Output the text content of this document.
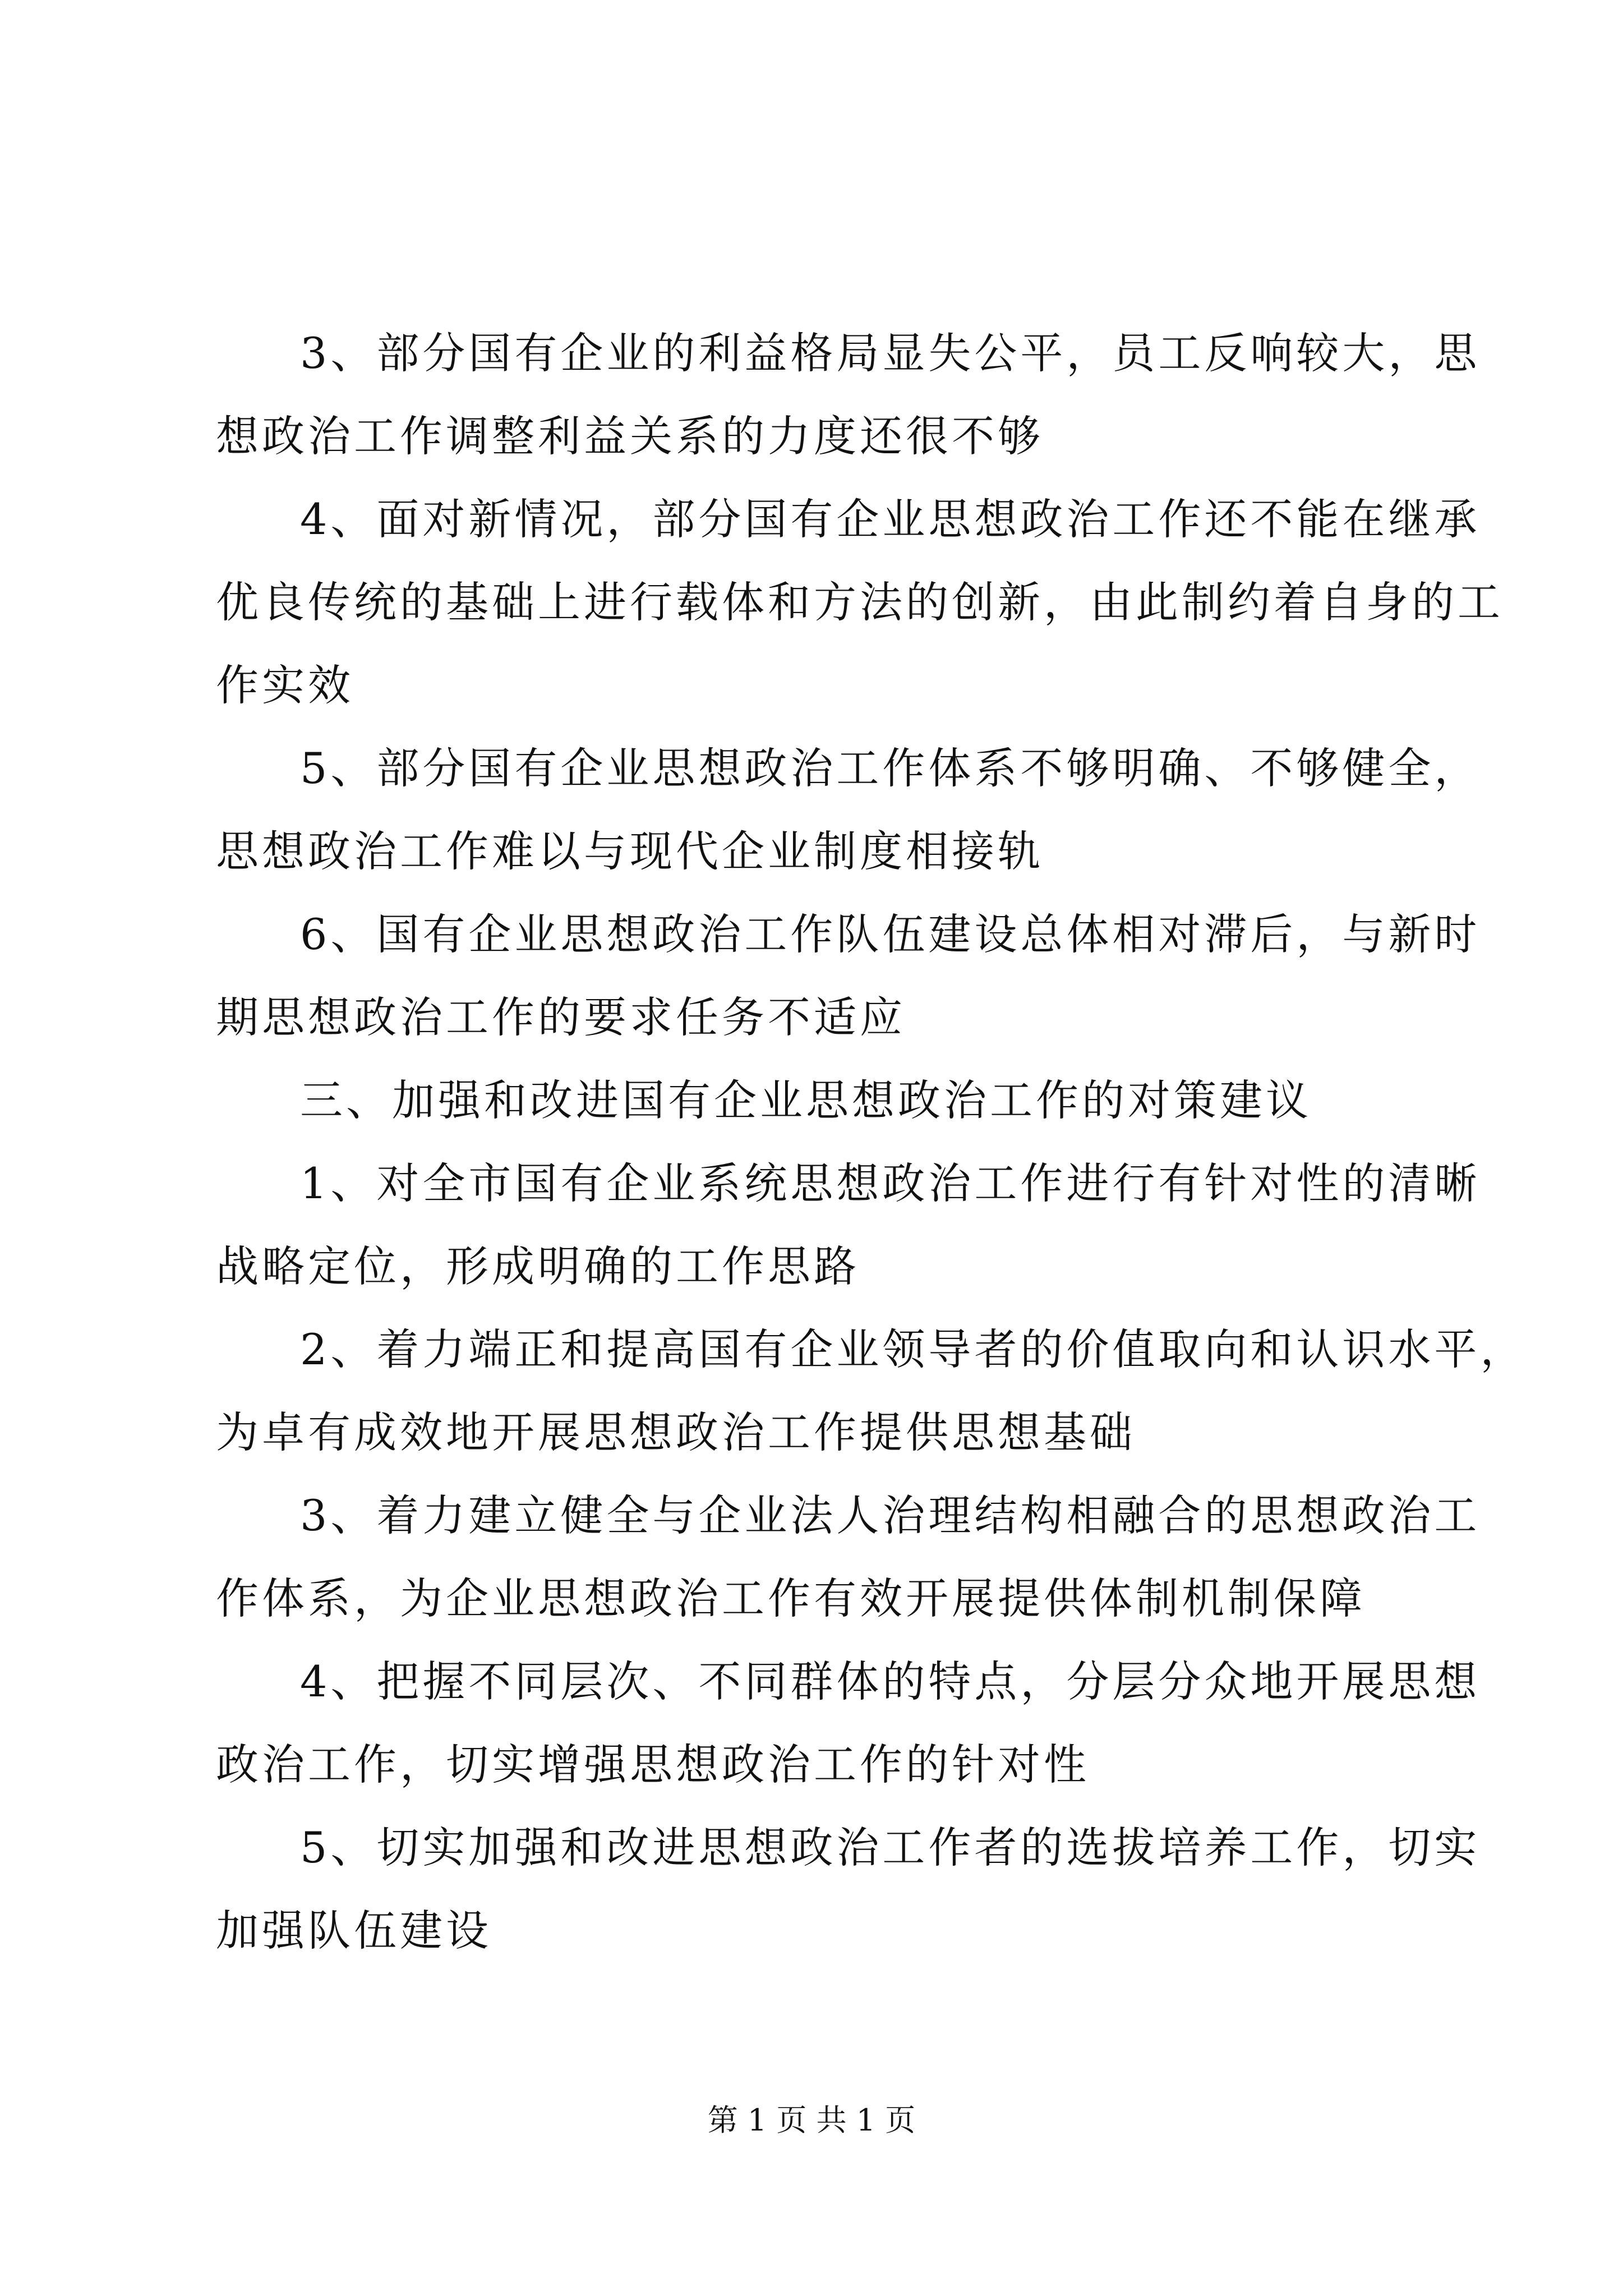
3、部分国有企业的利益格局显失公平，员工反响较大，思
想政治工作调整利益关系的力度还很不够
4、面对新情况，部分国有企业思想政治工作还不能在继承
优良传统的基础上进行载体和方法的创新，由此制约着自身的工
作实效
5、部分国有企业思想政治工作体系不够明确、不够健全，
思想政治工作难以与现代企业制度相接轨
6、国有企业思想政治工作队伍建设总体相对滞后，与新时
期思想政治工作的要求任务不适应
三、加强和改进国有企业思想政治工作的对策建议
1、对全市国有企业系统思想政治工作进行有针对性的清晰
战略定位，形成明确的工作思路
2、着力端正和提高国有企业领导者的价值取向和认识水平，
为卓有成效地开展思想政治工作提供思想基础
3、着力建立健全与企业法人治理结构相融合的思想政治工
作体系，为企业思想政治工作有效开展提供体制机制保障
4、把握不同层次、不同群体的特点，分层分众地开展思想
政治工作，切实增强思想政治工作的针对性
5、切实加强和改进思想政治工作者的选拔培养工作，切实
加强队伍建设
第 1 页 共 1 页
